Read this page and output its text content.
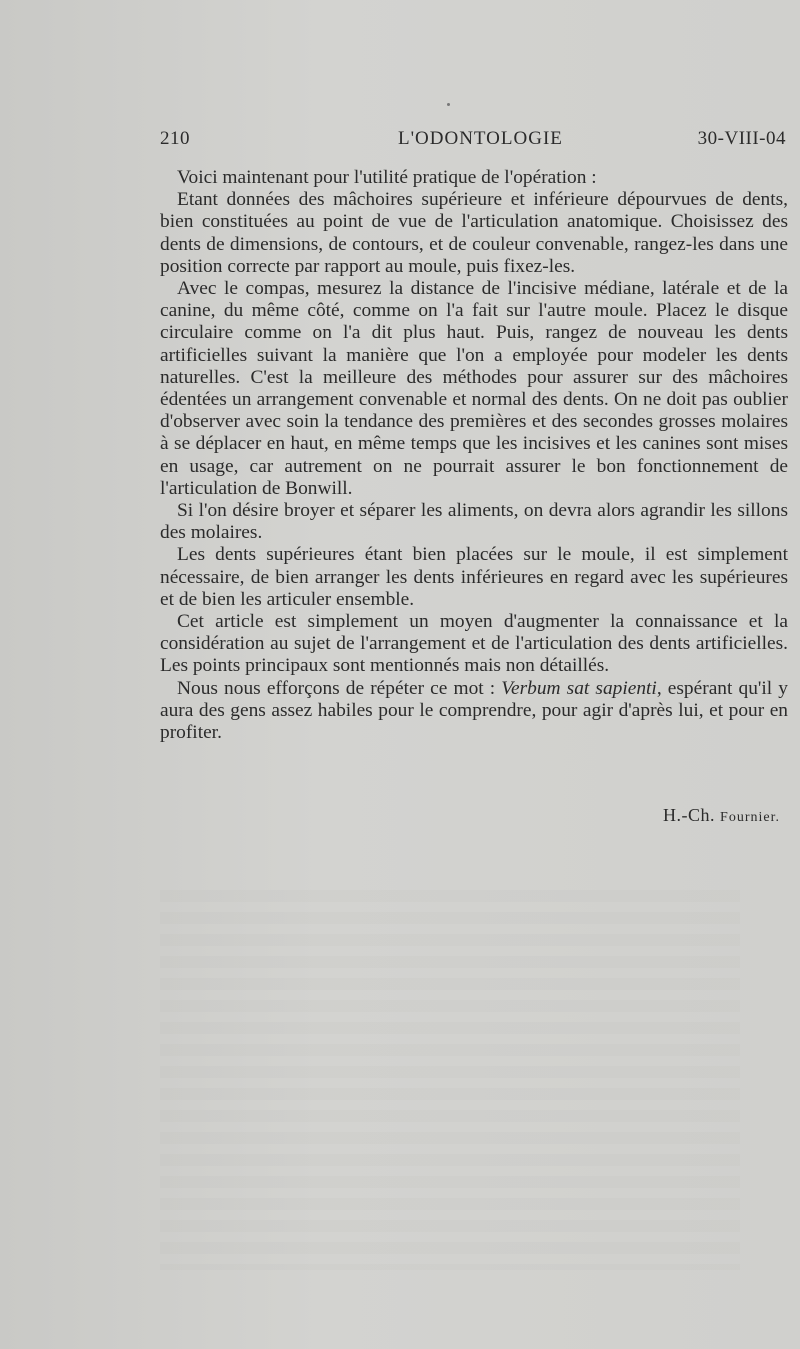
210	L'ODONTOLOGIE	30-VIII-04

Voici maintenant pour l'utilité pratique de l'opération :

Etant données des mâchoires supérieure et inférieure dépourvues de dents, bien constituées au point de vue de l'articulation anatomique. Choisissez des dents de dimensions, de contours, et de couleur convenable, rangez-les dans une position correcte par rapport au moule, puis fixez-les.

Avec le compas, mesurez la distance de l'incisive médiane, latérale et de la canine, du même côté, comme on l'a fait sur l'autre moule. Placez le disque circulaire comme on l'a dit plus haut. Puis, rangez de nouveau les dents artificielles suivant la manière que l'on a employée pour modeler les dents naturelles. C'est la meilleure des méthodes pour assurer sur des mâchoires édentées un arrangement convenable et normal des dents. On ne doit pas oublier d'observer avec soin la tendance des premières et des secondes grosses molaires à se déplacer en haut, en même temps que les incisives et les canines sont mises en usage, car autrement on ne pourrait assurer le bon fonctionnement de l'articulation de Bonwill.

Si l'on désire broyer et séparer les aliments, on devra alors agrandir les sillons des molaires.

Les dents supérieures étant bien placées sur le moule, il est simplement nécessaire, de bien arranger les dents inférieures en regard avec les supérieures et de bien les articuler ensemble.

Cet article est simplement un moyen d'augmenter la connaissance et la considération au sujet de l'arrangement et de l'articulation des dents artificielles. Les points principaux sont mentionnés mais non détaillés.

Nous nous efforçons de répéter ce mot : Verbum sat sapienti, espérant qu'il y aura des gens assez habiles pour le comprendre, pour agir d'après lui, et pour en profiter.

H.-Ch. Fournier.
